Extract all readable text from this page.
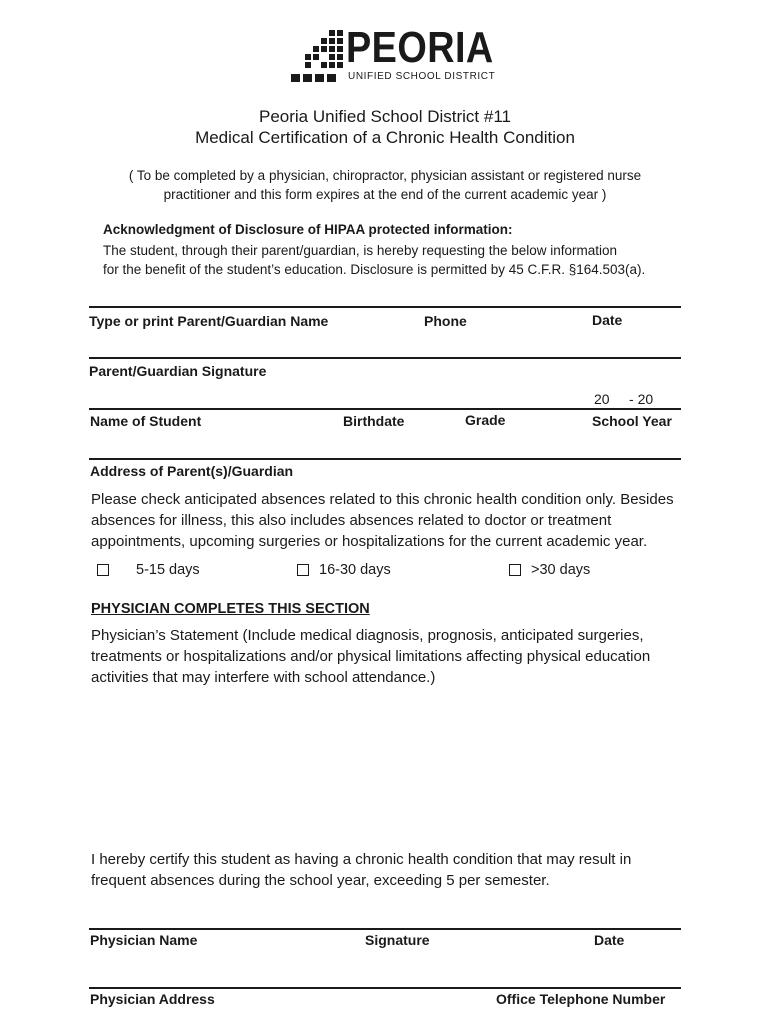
PEORIA
UNIFIED SCHOOL DISTRICT
Peoria Unified School District #11
Medical Certification of a Chronic Health Condition
( To be completed by a physician, chiropractor, physician assistant or registered nurse
practitioner and this form expires at the end of the current academic year )
Acknowledgment of Disclosure of HIPAA protected information:
The student, through their parent/guardian, is hereby requesting the below information
for the benefit of the student’s education. Disclosure is permitted by 45 C.F.R. §164.503(a).
Type or print Parent/Guardian Name	Phone	Date
Parent/Guardian Signature
20     - 20
Name of Student	Birthdate	Grade	School Year
Address of Parent(s)/Guardian
Please check anticipated absences related to this chronic health condition only. Besides
absences for illness, this also includes absences related to doctor or treatment
appointments, upcoming surgeries or hospitalizations for the current academic year.
5-15 days	16-30 days	>30 days
PHYSICIAN COMPLETES THIS SECTION
Physician’s Statement (Include medical diagnosis, prognosis, anticipated surgeries,
treatments or hospitalizations and/or physical limitations affecting physical education
activities that may interfere with school attendance.)
I hereby certify this student as having a chronic health condition that may result in
frequent absences during the school year, exceeding 5 per semester.
Physician Name	Signature	Date
Physician Address	Office Telephone Number
